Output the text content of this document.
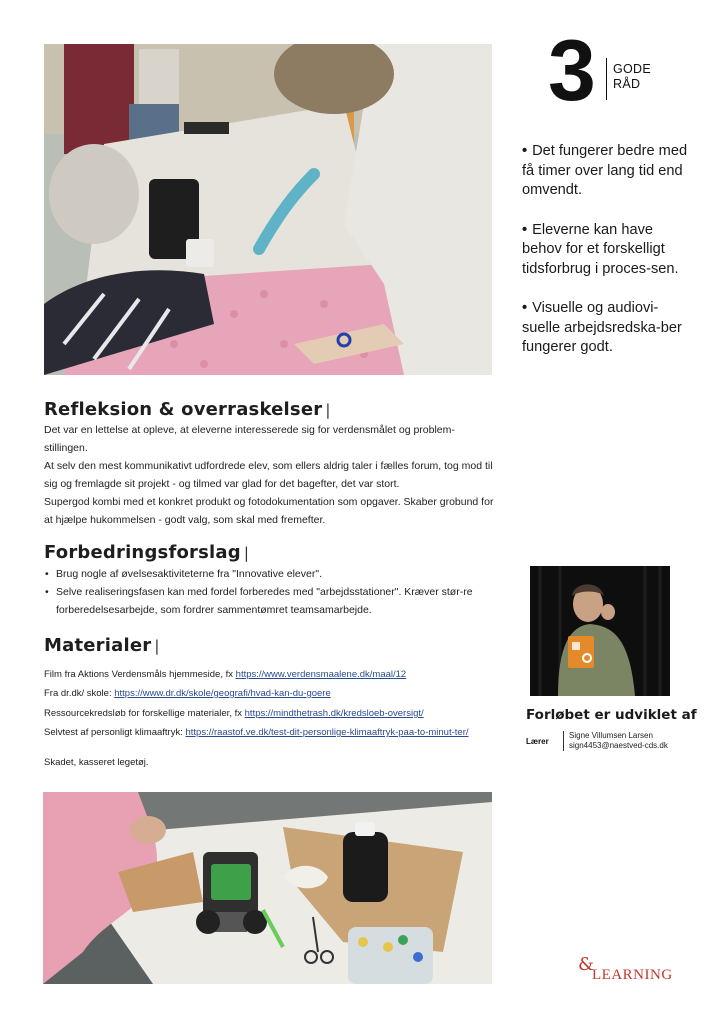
3 GODE
RÅD
• Det fungerer bedre med få timer over lang tid end omvendt.
• Eleverne kan have behov for et forskelligt tidsforbrug i proces-sen.
• Visuelle og audiovi-suelle arbejdsredska-ber fungerer godt.
Refleksion & overraskelser |

Det var en lettelse at opleve, at eleverne interesserede sig for verdensmålet og problem-stillingen.

At selv den mest kommunikativt udfordrede elev, som ellers aldrig taler i fælles forum, tog mod til sig og fremlagde sit projekt - og tilmed var glad for det bagefter, det var stort.

Supergod kombi med et konkret produkt og fotodokumentation som opgaver. Skaber grobund for at hjælpe hukommelsen - godt valg, som skal med fremefter.

Forbedringsforslag |
• Brug nogle af øvelsesaktiviteterne fra "Innovative elever".
• Selve realiseringsfasen kan med fordel forberedes med "arbejdsstationer". Kræver stør-re forberedelsesarbejde, som fordrer sammentømret teamsamarbejde.
Materialer |

Film fra Aktions Verdensmåls hjemmeside, fx https://www.verdensmaalene.dk/maal/12

Fra dr.dk/ skole: https://www.dr.dk/skole/geografi/hvad-kan-du-goere

Ressourcekredsløb for forskellige materialer, fx https://mindthetrash.dk/kredsloeb-oversigt/

Selvtest af personligt klimaaftryk: https://raastof.ve.dk/test-dit-personlige-klimaaftryk-paa-to-minut-ter/

Skadet, kasseret legetøj.

Forløbet er udviklet af
Lærer
Signe Villumsen Larsen
sign4453@naestved-cds.dk
&
LEARNING
